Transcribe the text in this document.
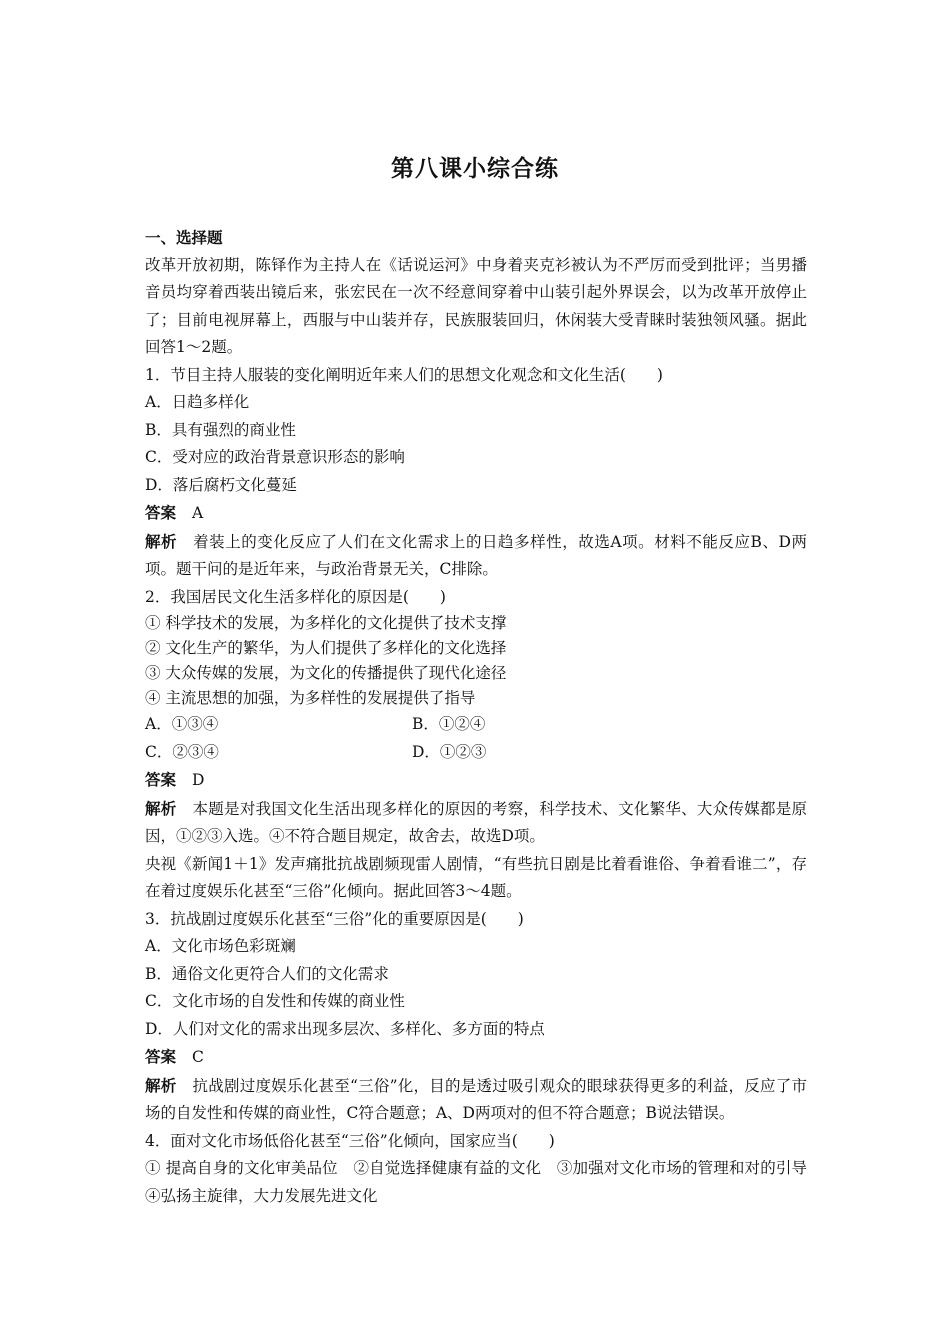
第八课小综合练
一、选择题
改革开放初期，陈铎作为主持人在《话说运河》中身着夹克衫被认为不严厉而受到批评；当男播音员均穿着西装出镜后来，张宏民在一次不经意间穿着中山装引起外界误会，以为改革开放停止了；目前电视屏幕上，西服与中山装并存，民族服装回归，休闲装大受青睐时装独领风骚。据此回答1～2题。
1．节目主持人服装的变化阐明近年来人们的思想文化观念和文化生活(　　)
A．日趋多样化
B．具有强烈的商业性
C．受对应的政治背景意识形态的影响
D．落后腐朽文化蔓延
答案 A
解析 着装上的变化反应了人们在文化需求上的日趋多样性，故选A项。材料不能反应B、D两项。题干问的是近年来，与政治背景无关，C排除。
2．我国居民文化生活多样化的原因是(　　)
① 科学技术的发展，为多样化的文化提供了技术支撑
② 文化生产的繁华，为人们提供了多样化的文化选择
③ 大众传媒的发展，为文化的传播提供了现代化途径
④ 主流思想的加强，为多样性的发展提供了指导
A．①③④	B．①②④
C．②③④	D．①②③
答案 D
解析 本题是对我国文化生活出现多样化的原因的考察，科学技术、文化繁华、大众传媒都是原因，①②③入选。④不符合题目规定，故舍去，故选D项。
央视《新闻1＋1》发声痛批抗战剧频现雷人剧情，“有些抗日剧是比着看谁俗、争着看谁二”，存在着过度娱乐化甚至“三俗”化倾向。据此回答3～4题。
3．抗战剧过度娱乐化甚至“三俗”化的重要原因是(　　)
A．文化市场色彩斑斓
B．通俗文化更符合人们的文化需求
C．文化市场的自发性和传媒的商业性
D．人们对文化的需求出现多层次、多样化、多方面的特点
答案 C
解析 抗战剧过度娱乐化甚至“三俗”化，目的是透过吸引观众的眼球获得更多的利益，反应了市场的自发性和传媒的商业性，C符合题意；A、D两项对的但不符合题意；B说法错误。
4．面对文化市场低俗化甚至“三俗”化倾向，国家应当(　　)
① 提高自身的文化审美品位　②自觉选择健康有益的文化　③加强对文化市场的管理和对的引导　④弘扬主旋律，大力发展先进文化
